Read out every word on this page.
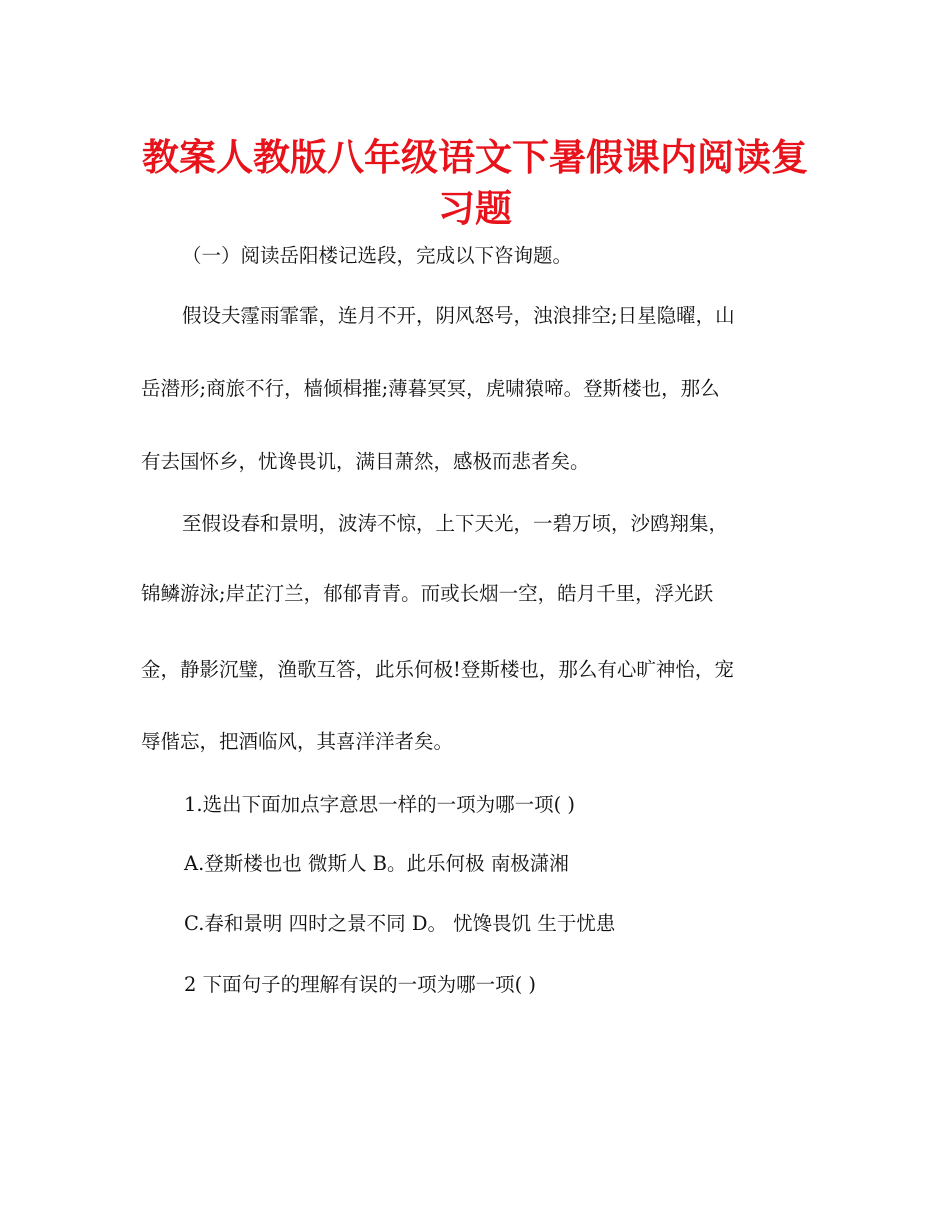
教案人教版八年级语文下暑假课内阅读复
习题

（一）阅读岳阳楼记选段，完成以下咨询题。

假设夫霪雨霏霏，连月不开，阴风怒号，浊浪排空;日星隐曜，山

岳潜形;商旅不行，樯倾楫摧;薄暮冥冥，虎啸猿啼。登斯楼也，那么

有去国怀乡，忧谗畏讥，满目萧然，感极而悲者矣。

至假设春和景明，波涛不惊，上下天光，一碧万顷，沙鸥翔集，

锦鳞游泳;岸芷汀兰，郁郁青青。而或长烟一空，皓月千里，浮光跃

金，静影沉璧，渔歌互答，此乐何极!登斯楼也，那么有心旷神怡，宠

辱偕忘，把酒临风，其喜洋洋者矣。

1.选出下面加点字意思一样的一项为哪一项( )

A.登斯楼也也 微斯人 B。此乐何极 南极潇湘

C.春和景明 四时之景不同 D。 忧馋畏饥 生于忧患

2 下面句子的理解有误的一项为哪一项( )
